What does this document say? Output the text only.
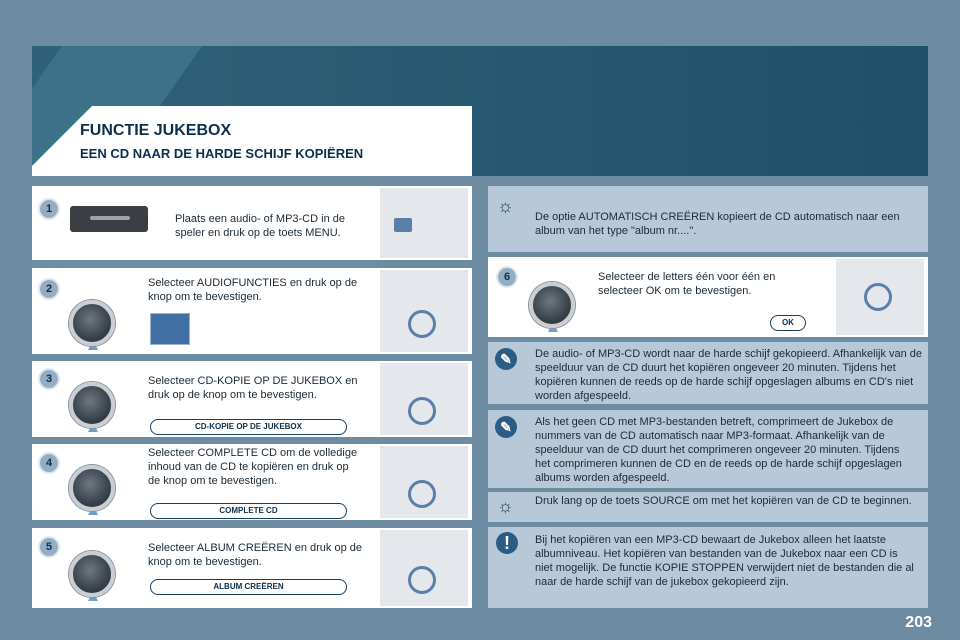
FUNCTIE JUKEBOX
EEN CD NAAR DE HARDE SCHIJF KOPIËREN
1
Plaats een audio- of MP3-CD in de speler en druk op de toets MENU.
2	Selecteer AUDIOFUNCTIES en druk op de knop om te bevestigen.
3	Selecteer CD-KOPIE OP DE JUKEBOX en druk op de knop om te bevestigen.
CD-KOPIE OP DE JUKEBOX
4
Selecteer COMPLETE CD om de volledige inhoud van de CD te kopiëren en druk op de knop om te bevestigen.
COMPLETE CD
5	Selecteer ALBUM CREËREN en druk op de knop om te bevestigen.
ALBUM CREËREN
☼
De optie AUTOMATISCH CREËREN kopieert de CD automatisch naar een album van het type "album nr....".
6	Selecteer de letters één voor één en selecteer OK om te bevestigen.
OK
✎	De audio- of MP3-CD wordt naar de harde schijf gekopieerd. Afhankelijk van de speelduur van de CD duurt het kopiëren ongeveer 20 minuten. Tijdens het kopiëren kunnen de reeds op de harde schijf opgeslagen albums en CD's niet worden afgespeeld.
✎	Als het geen CD met MP3-bestanden betreft, comprimeert de Jukebox de nummers van de CD automatisch naar MP3-formaat. Afhankelijk van de speelduur van de CD duurt het comprimeren ongeveer 20 minuten. Tijdens het comprimeren kunnen de CD en de reeds op de harde schijf opgeslagen albums worden afgespeeld.
☼ Druk lang op de toets SOURCE om met het kopiëren van de CD te beginnen.
!	Bij het kopiëren van een MP3-CD bewaart de Jukebox alleen het laatste albumniveau. Het kopiëren van bestanden van de Jukebox naar een CD is niet mogelijk. De functie KOPIE STOPPEN verwijdert niet de bestanden die al naar de harde schijf van de jukebox gekopieerd zijn.
203
